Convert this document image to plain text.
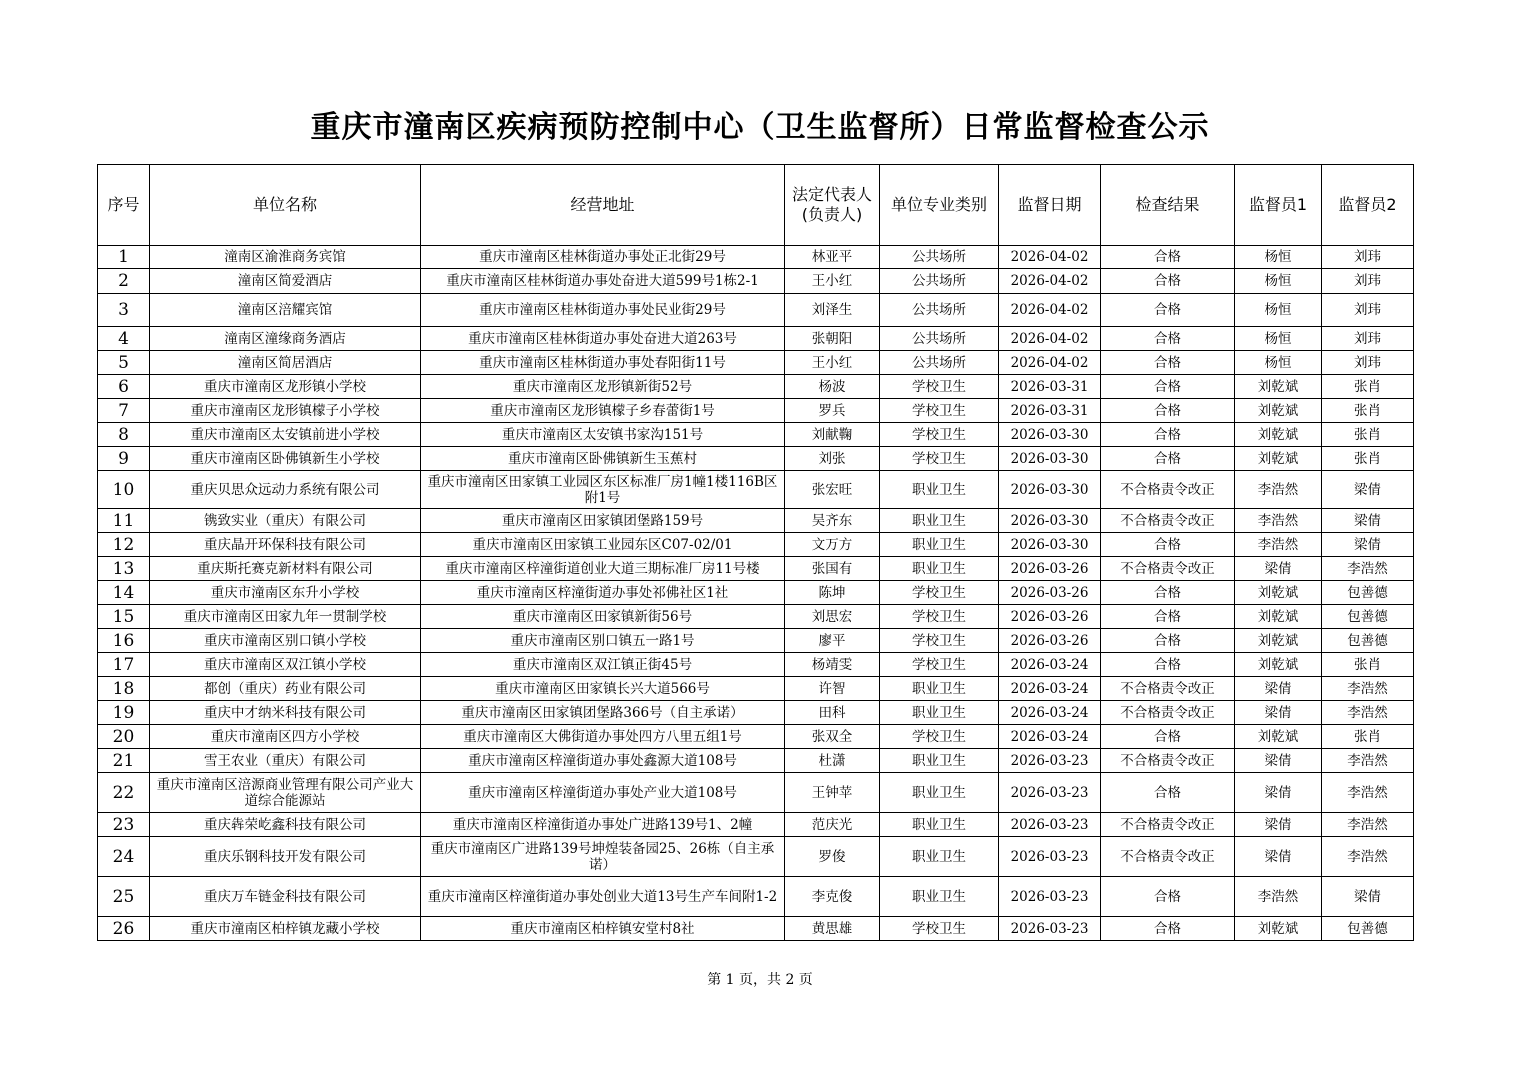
重庆市潼南区疾病预防控制中心（卫生监督所）日常监督检查公示
序号	单位名称	经营地址	法定代表人(负责人)	单位专业类别	监督日期	检查结果	监督员1	监督员2
1	潼南区渝淮商务宾馆	重庆市潼南区桂林街道办事处正北街29号	林亚平	公共场所	2026-04-02	合格	杨恒	刘玮
2	潼南区简爱酒店	重庆市潼南区桂林街道办事处奋进大道599号1栋2-1	王小红	公共场所	2026-04-02	合格	杨恒	刘玮
3	潼南区涪耀宾馆	重庆市潼南区桂林街道办事处民业街29号	刘泽生	公共场所	2026-04-02	合格	杨恒	刘玮
4	潼南区潼缘商务酒店	重庆市潼南区桂林街道办事处奋进大道263号	张朝阳	公共场所	2026-04-02	合格	杨恒	刘玮
5	潼南区简居酒店	重庆市潼南区桂林街道办事处春阳街11号	王小红	公共场所	2026-04-02	合格	杨恒	刘玮
6	重庆市潼南区龙形镇小学校	重庆市潼南区龙形镇新街52号	杨波	学校卫生	2026-03-31	合格	刘乾斌	张肖
7	重庆市潼南区龙形镇檬子小学校	重庆市潼南区龙形镇檬子乡春蕾街1号	罗兵	学校卫生	2026-03-31	合格	刘乾斌	张肖
8	重庆市潼南区太安镇前进小学校	重庆市潼南区太安镇书家沟151号	刘献鞠	学校卫生	2026-03-30	合格	刘乾斌	张肖
9	重庆市潼南区卧佛镇新生小学校	重庆市潼南区卧佛镇新生玉蕉村	刘张	学校卫生	2026-03-30	合格	刘乾斌	张肖
10	重庆贝思众远动力系统有限公司	重庆市潼南区田家镇工业园区东区标准厂房1幢1楼116B区附1号	张宏旺	职业卫生	2026-03-30	不合格责令改正	李浩然	梁倩
11	镌致实业（重庆）有限公司	重庆市潼南区田家镇团堡路159号	吴齐东	职业卫生	2026-03-30	不合格责令改正	李浩然	梁倩
12	重庆晶开环保科技有限公司	重庆市潼南区田家镇工业园东区C07-02/01	文万方	职业卫生	2026-03-30	合格	李浩然	梁倩
13	重庆斯托赛克新材料有限公司	重庆市潼南区梓潼街道创业大道三期标准厂房11号楼	张国有	职业卫生	2026-03-26	不合格责令改正	梁倩	李浩然
14	重庆市潼南区东升小学校	重庆市潼南区梓潼街道办事处祁佛社区1社	陈坤	学校卫生	2026-03-26	合格	刘乾斌	包善德
15	重庆市潼南区田家九年一贯制学校	重庆市潼南区田家镇新街56号	刘思宏	学校卫生	2026-03-26	合格	刘乾斌	包善德
16	重庆市潼南区别口镇小学校	重庆市潼南区别口镇五一路1号	廖平	学校卫生	2026-03-26	合格	刘乾斌	包善德
17	重庆市潼南区双江镇小学校	重庆市潼南区双江镇正街45号	杨靖雯	学校卫生	2026-03-24	合格	刘乾斌	张肖
18	都创（重庆）药业有限公司	重庆市潼南区田家镇长兴大道566号	许智	职业卫生	2026-03-24	不合格责令改正	梁倩	李浩然
19	重庆中才纳米科技有限公司	重庆市潼南区田家镇团堡路366号（自主承诺）	田科	职业卫生	2026-03-24	不合格责令改正	梁倩	李浩然
20	重庆市潼南区四方小学校	重庆市潼南区大佛街道办事处四方八里五组1号	张双全	学校卫生	2026-03-24	合格	刘乾斌	张肖
21	雪王农业（重庆）有限公司	重庆市潼南区梓潼街道办事处鑫源大道108号	杜潇	职业卫生	2026-03-23	不合格责令改正	梁倩	李浩然
22	重庆市潼南区涪源商业管理有限公司产业大道综合能源站	重庆市潼南区梓潼街道办事处产业大道108号	王钟苹	职业卫生	2026-03-23	合格	梁倩	李浩然
23	重庆犇荣屹鑫科技有限公司	重庆市潼南区梓潼街道办事处广进路139号1、2幢	范庆光	职业卫生	2026-03-23	不合格责令改正	梁倩	李浩然
24	重庆乐钢科技开发有限公司	重庆市潼南区广进路139号坤煌装备园25、26栋（自主承诺）	罗俊	职业卫生	2026-03-23	不合格责令改正	梁倩	李浩然
25	重庆万车链金科技有限公司	重庆市潼南区梓潼街道办事处创业大道13号生产车间附1-2	李克俊	职业卫生	2026-03-23	合格	李浩然	梁倩
26	重庆市潼南区柏梓镇龙藏小学校	重庆市潼南区柏梓镇安堂村8社	黄思雄	学校卫生	2026-03-23	合格	刘乾斌	包善德
第 1 页，共 2 页
